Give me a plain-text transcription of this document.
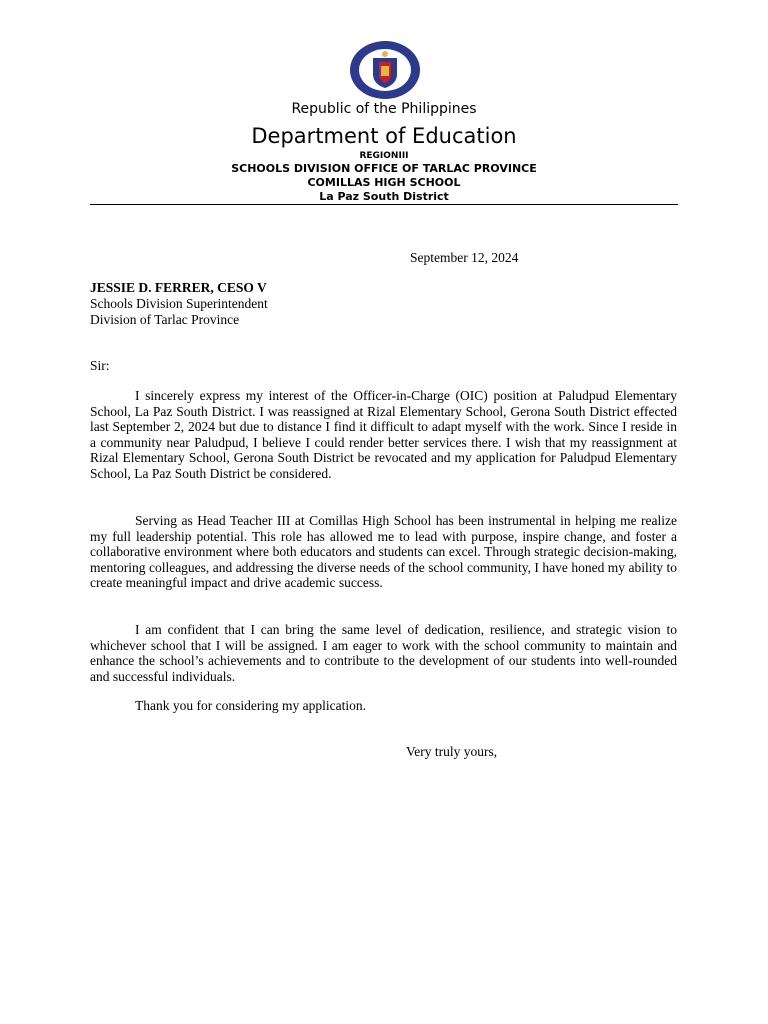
Republic of the Philippines
Department of Education
REGIONIII
SCHOOLS DIVISION OFFICE OF TARLAC PROVINCE
COMILLAS HIGH SCHOOL
La Paz South District
September 12, 2024
JESSIE D. FERRER, CESO V
Schools Division Superintendent
Division of Tarlac Province
Sir:

I sincerely express my interest of the Officer-in-Charge (OIC) position at Paludpud Elementary School, La Paz South District. I was reassigned at Rizal Elementary School, Gerona South District effected last September 2, 2024 but due to distance I find it difficult to adapt myself with the work. Since I reside in a community near Paludpud, I believe I could render better services there. I wish that my reassignment at Rizal Elementary School, Gerona South District be revocated and my application for Paludpud Elementary School, La Paz South District be considered.

Serving as Head Teacher III at Comillas High School has been instrumental in helping me realize my full leadership potential. This role has allowed me to lead with purpose, inspire change, and foster a collaborative environment where both educators and students can excel. Through strategic decision-making, mentoring colleagues, and addressing the diverse needs of the school community, I have honed my ability to create meaningful impact and drive academic success.

I am confident that I can bring the same level of dedication, resilience, and strategic vision to whichever school that I will be assigned. I am eager to work with the school community to maintain and enhance the school’s achievements and to contribute to the development of our students into well-rounded and successful individuals.

Thank you for considering my application.

Very truly yours,
